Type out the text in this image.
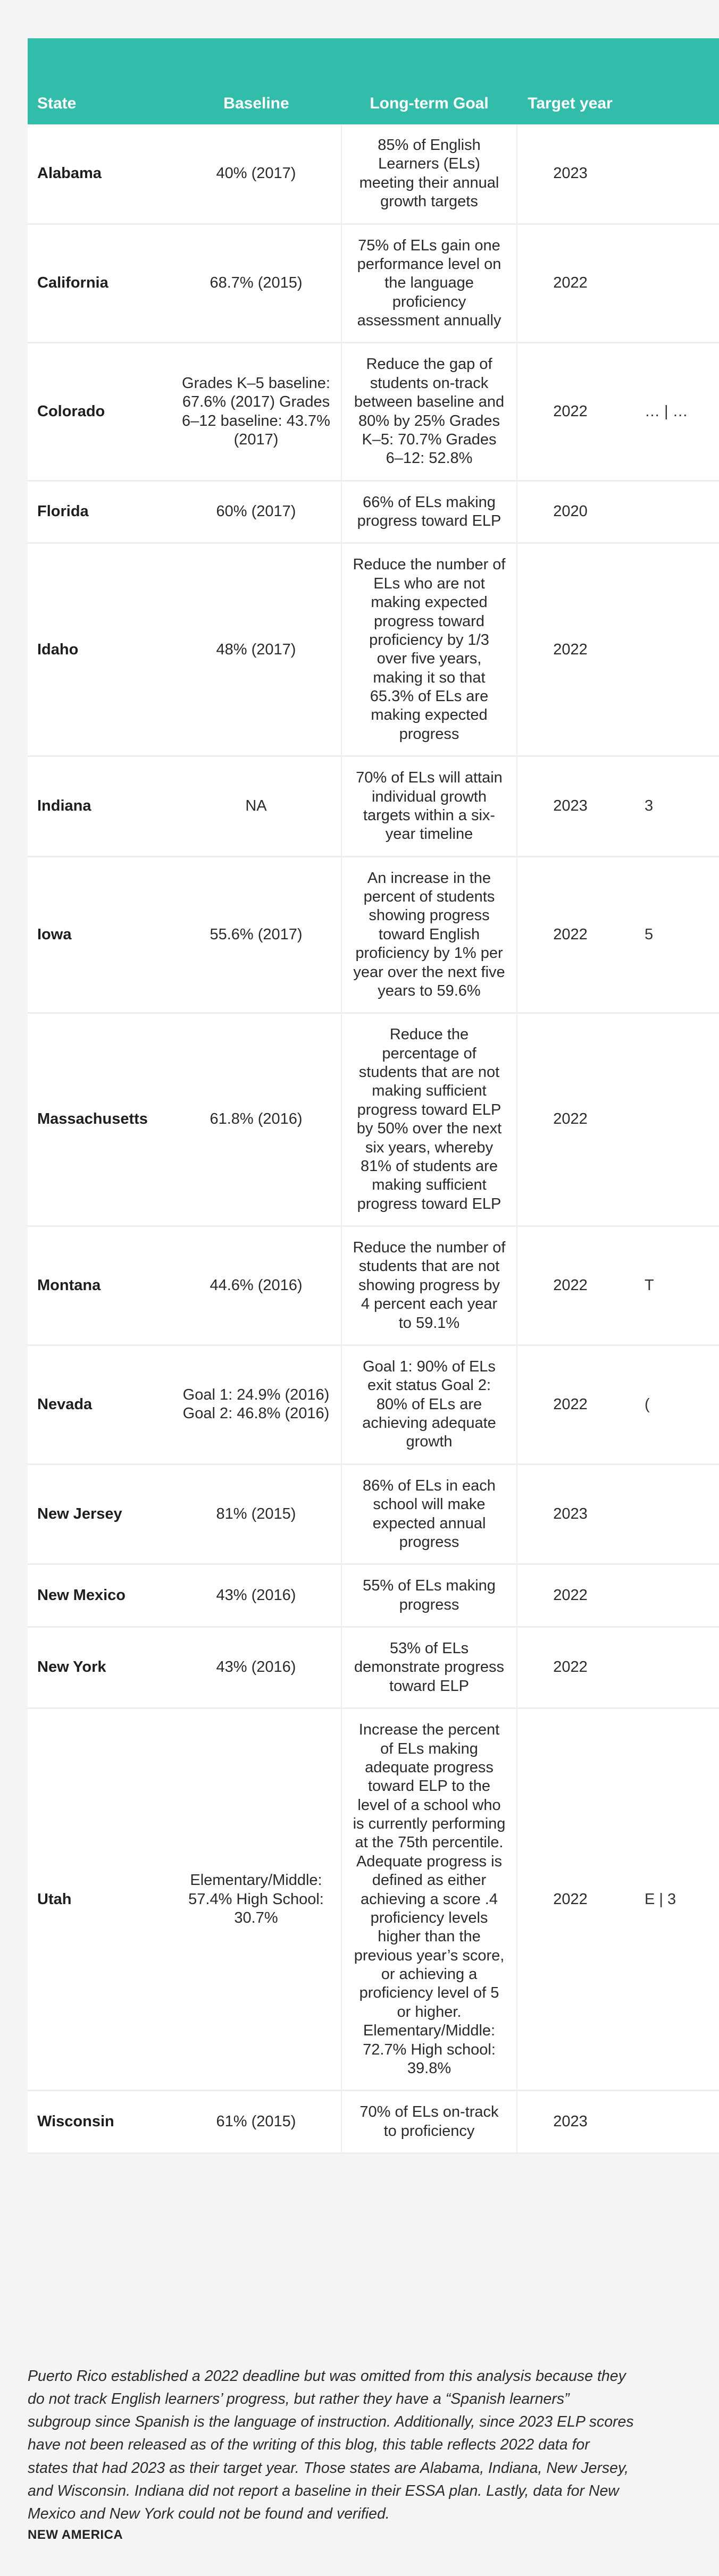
State	Baseline	Long-term Goal	Target year	
Alabama	40% (2017)	85% of English Learners (ELs) meeting their annual growth targets	2023	
California	68.7% (2015)	75% of ELs gain one performance level on the language proficiency assessment annually	2022	
Colorado	Grades K–5 baseline: 67.6% (2017) Grades 6–12 baseline: 43.7% (2017)	Reduce the gap of students on-track between baseline and 80% by 25% Grades K–5: 70.7% Grades 6–12: 52.8%	2022	… | …
Florida	60% (2017)	66% of ELs making progress toward ELP	2020	
Idaho	48% (2017)	Reduce the number of ELs who are not making expected progress toward proficiency by 1/3 over five years, making it so that 65.3% of ELs are making expected progress	2022	
Indiana	NA	70% of ELs will attain individual growth targets within a six-year timeline	2023	3
Iowa	55.6% (2017)	An increase in the percent of students showing progress toward English proficiency by 1% per year over the next five years to 59.6%	2022	5
Massachusetts	61.8% (2016)	Reduce the percentage of students that are not making sufficient progress toward ELP by 50% over the next six years, whereby 81% of students are making sufficient progress toward ELP	2022	
Montana	44.6% (2016)	Reduce the number of students that are not showing progress by 4 percent each year to 59.1%	2022	T
Nevada	Goal 1: 24.9% (2016) Goal 2: 46.8% (2016)	Goal 1: 90% of ELs exit status Goal 2: 80% of ELs are achieving adequate growth	2022	(
New Jersey	81% (2015)	86% of ELs in each school will make expected annual progress	2023	
New Mexico	43% (2016)	55% of ELs making progress	2022	
New York	43% (2016)	53% of ELs demonstrate progress toward ELP	2022	
Utah	Elementary/Middle: 57.4% High School: 30.7%	Increase the percent of ELs making adequate progress toward ELP to the level of a school who is currently performing at the 75th percentile. Adequate progress is defined as either achieving a score .4 proficiency levels higher than the previous year’s score, or achieving a proficiency level of 5 or higher. Elementary/Middle: 72.7% High school: 39.8%	2022	E | 3
Wisconsin	61% (2015)	70% of ELs on-track to proficiency	2023	

Puerto Rico established a 2022 deadline but was omitted from this analysis because they do not track English learners’ progress, but rather they have a “Spanish learners” subgroup since Spanish is the language of instruction. Additionally, since 2023 ELP scores have not been released as of the writing of this blog, this table reflects 2022 data for states that had 2023 as their target year. Those states are Alabama, Indiana, New Jersey, and Wisconsin. Indiana did not report a baseline in their ESSA plan. Lastly, data for New Mexico and New York could not be found and verified.

NEW AMERICA
